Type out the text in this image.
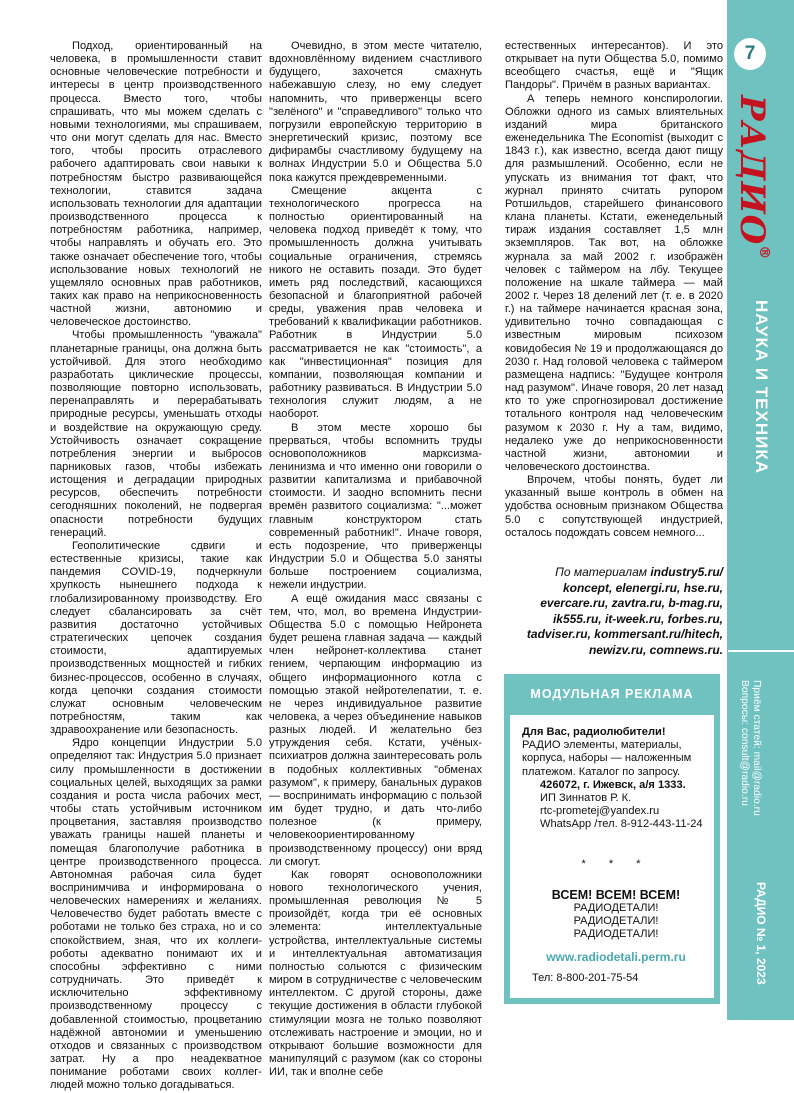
Подход, ориентированный на человека, в промышленности ставит основные человеческие потребности и интересы в центр производственного процесса. Вместо того, чтобы спрашивать, что мы можем сделать с новыми технологиями, мы спрашиваем, что они могут сделать для нас. Вместо того, чтобы просить отраслевого рабочего адаптировать свои навыки к потребностям быстро развивающейся технологии, ставится задача использовать технологии для адаптации производственного процесса к потребностям работника, например, чтобы направлять и обучать его. Это также означает обеспечение того, чтобы использование новых технологий не ущемляло основных прав работников, таких как право на неприкосновенность частной жизни, автономию и человеческое достоинство.

Чтобы промышленность "уважала" планетарные границы, она должна быть устойчивой. Для этого необходимо разработать циклические процессы, позволяющие повторно использовать, перенаправлять и перерабатывать природные ресурсы, уменьшать отходы и воздействие на окружающую среду. Устойчивость означает сокращение потребления энергии и выбросов парниковых газов, чтобы избежать истощения и деградации природных ресурсов, обеспечить потребности сегодняшних поколений, не подвергая опасности потребности будущих генераций.

Геополитические сдвиги и естественные кризисы, такие как пандемия COVID-19, подчеркнули хрупкость нынешнего подхода к глобализированному производству. Его следует сбалансировать за счёт развития достаточно устойчивых стратегических цепочек создания стоимости, адаптируемых производственных мощностей и гибких бизнес-процессов, особенно в случаях, когда цепочки создания стоимости служат основным человеческим потребностям, таким как здравоохранение или безопасность.

Ядро концепции Индустрии 5.0 определяют так: Индустрия 5.0 признает силу промышленности в достижении социальных целей, выходящих за рамки создания и роста числа рабочих мест, чтобы стать устойчивым источником процветания, заставляя производство уважать границы нашей планеты и помещая благополучие работника в центре производственного процесса. Автономная рабочая сила будет воспринимчива и информирована о человеческих намерениях и желаниях. Человечество будет работать вместе с роботами не только без страха, но и со спокойствием, зная, что их коллеги-роботы адекватно понимают их и способны эффективно с ними сотрудничать. Это приведёт к исключительно эффективному производственному процессу с добавленной стоимостью, процветанию надёжной автономии и уменьшению отходов и связанных с производством затрат. Ну а про неадекватное понимание роботами своих коллег-людей можно только догадываться.

Очевидно, в этом месте читателю, вдохновлённому видением счастливого будущего, захочется смахнуть набежавшую слезу, но ему следует напомнить, что приверженцы всего "зелёного" и "справедливого" только что погрузили европейскую территорию в энергетический кризис, поэтому все дифирамбы счастливому будущему на волнах Индустрии 5.0 и Общества 5.0 пока кажутся преждевременными.

Смещение акцента с технологического прогресса на полностью ориентированный на человека подход приведёт к тому, что промышленность должна учитывать социальные ограничения, стремясь никого не оставить позади. Это будет иметь ряд последствий, касающихся безопасной и благоприятной рабочей среды, уважения прав человека и требований к квалификации работников. Работник в Индустрии 5.0 рассматривается не как "стоимость", а как "инвестиционная" позиция для компании, позволяющая компании и работнику развиваться. В Индустрии 5.0 технология служит людям, а не наоборот.

В этом месте хорошо бы прерваться, чтобы вспомнить труды основоположников марксизма-ленинизма и что именно они говорили о развитии капитализма и прибавочной стоимости. И заодно вспомнить песни времён развитого социализма: "...может главным конструктором стать современный работник!". Иначе говоря, есть подозрение, что приверженцы Индустрии 5.0 и Общества 5.0 заняты больше построением социализма, нежели индустрии.

А ещё ожидания масс связаны с тем, что, мол, во времена Индустрии-Общества 5.0 с помощью Нейронета будет решена главная задача — каждый член нейронет-коллектива станет гением, черпающим информацию из общего информационного котла с помощью этакой нейротелепатии, т. е. не через индивидуальное развитие человека, а через объединение навыков разных людей. И желательно без утруждения себя. Кстати, учёных-психиатров должна заинтересовать роль в подобных коллективных "обменах разумом", к примеру, банальных дураков — воспринимать информацию с пользой им будет трудно, и дать что-либо полезное (к примеру, человекоориентированному производственному процессу) они вряд ли смогут.

Как говорят основоположники нового технологического учения, промышленная революция № 5 произойдёт, когда три её основных элемента: интеллектуальные устройства, интеллектуальные системы и интеллектуальная автоматизация полностью сольются с физическим миром в сотрудничестве с человеческим интеллектом. С другой стороны, даже текущие достижения в области глубокой стимуляции мозга не только позволяют отслеживать настроение и эмоции, но и открывают большие возможности для манипуляций с разумом (как со стороны ИИ, так и вполне себе

естественных интересантов). И это открывает на пути Общества 5.0, помимо всеобщего счастья, ещё и "Ящик Пандоры". Причём в разных вариантах.

А теперь немного конспирологии. Обложки одного из самых влиятельных изданий мира британского еженедельника The Economist (выходит с 1843 г.), как известно, всегда дают пищу для размышлений. Особенно, если не упускать из внимания тот факт, что журнал принято считать рупором Ротшильдов, старейшего финансового клана планеты. Кстати, еженедельный тираж издания составляет 1,5 млн экземпляров. Так вот, на обложке журнала за май 2002 г. изображён человек с таймером на лбу. Текущее положение на шкале таймера — май 2002 г. Через 18 делений лет (т. е. в 2020 г.) на таймере начинается красная зона, удивительно точно совпадающая с известным мировым психозом ковидобесия № 19 и продолжающаяся до 2030 г. Над головой человека с таймером размещена надпись: "Будущее контроля над разумом". Иначе говоря, 20 лет назад кто то уже спрогнозировал достижение тотального контроля над человеческим разумом к 2030 г. Ну а там, видимо, недалеко уже до неприкосновенности частной жизни, автономии и человеческого достоинства.

Впрочем, чтобы понять, будет ли указанный выше контроль в обмен на удобства основным признаком Общества 5.0 с сопутствующей индустрией, осталось подождать совсем немного...

По материалам industry5.ru/ koncept, elenergi.ru, hse.ru, evercare.ru, zavtra.ru, b-mag.ru, ik555.ru, it-week.ru, forbes.ru, tadviser.ru, kommersant.ru/hitech, newizv.ru, comnews.ru.
МОДУЛЬНАЯ РЕКЛАМА
Для Вас, радиолюбители!
РАДИО элементы, материалы, корпуса, наборы — наложенным платежом. Каталог по запросу.
426072, г. Ижевск, а/я 1333.
ИП Зиннатов Р. К.
rtc-prometej@yandex.ru
WhatsApp /тел. 8-912-443-11-24
* * *
ВСЕМ! ВСЕМ! ВСЕМ!
РАДИОДЕТАЛИ!
РАДИОДЕТАЛИ!
РАДИОДЕТАЛИ!
www.radiodetali.perm.ru
Тел: 8-800-201-75-54
7
РАДИО®
НАУКА И ТЕХНИКА
Приём статей: mail@radio.ru
Вопросы: consult@radio.ru
РАДИО № 1, 2023
